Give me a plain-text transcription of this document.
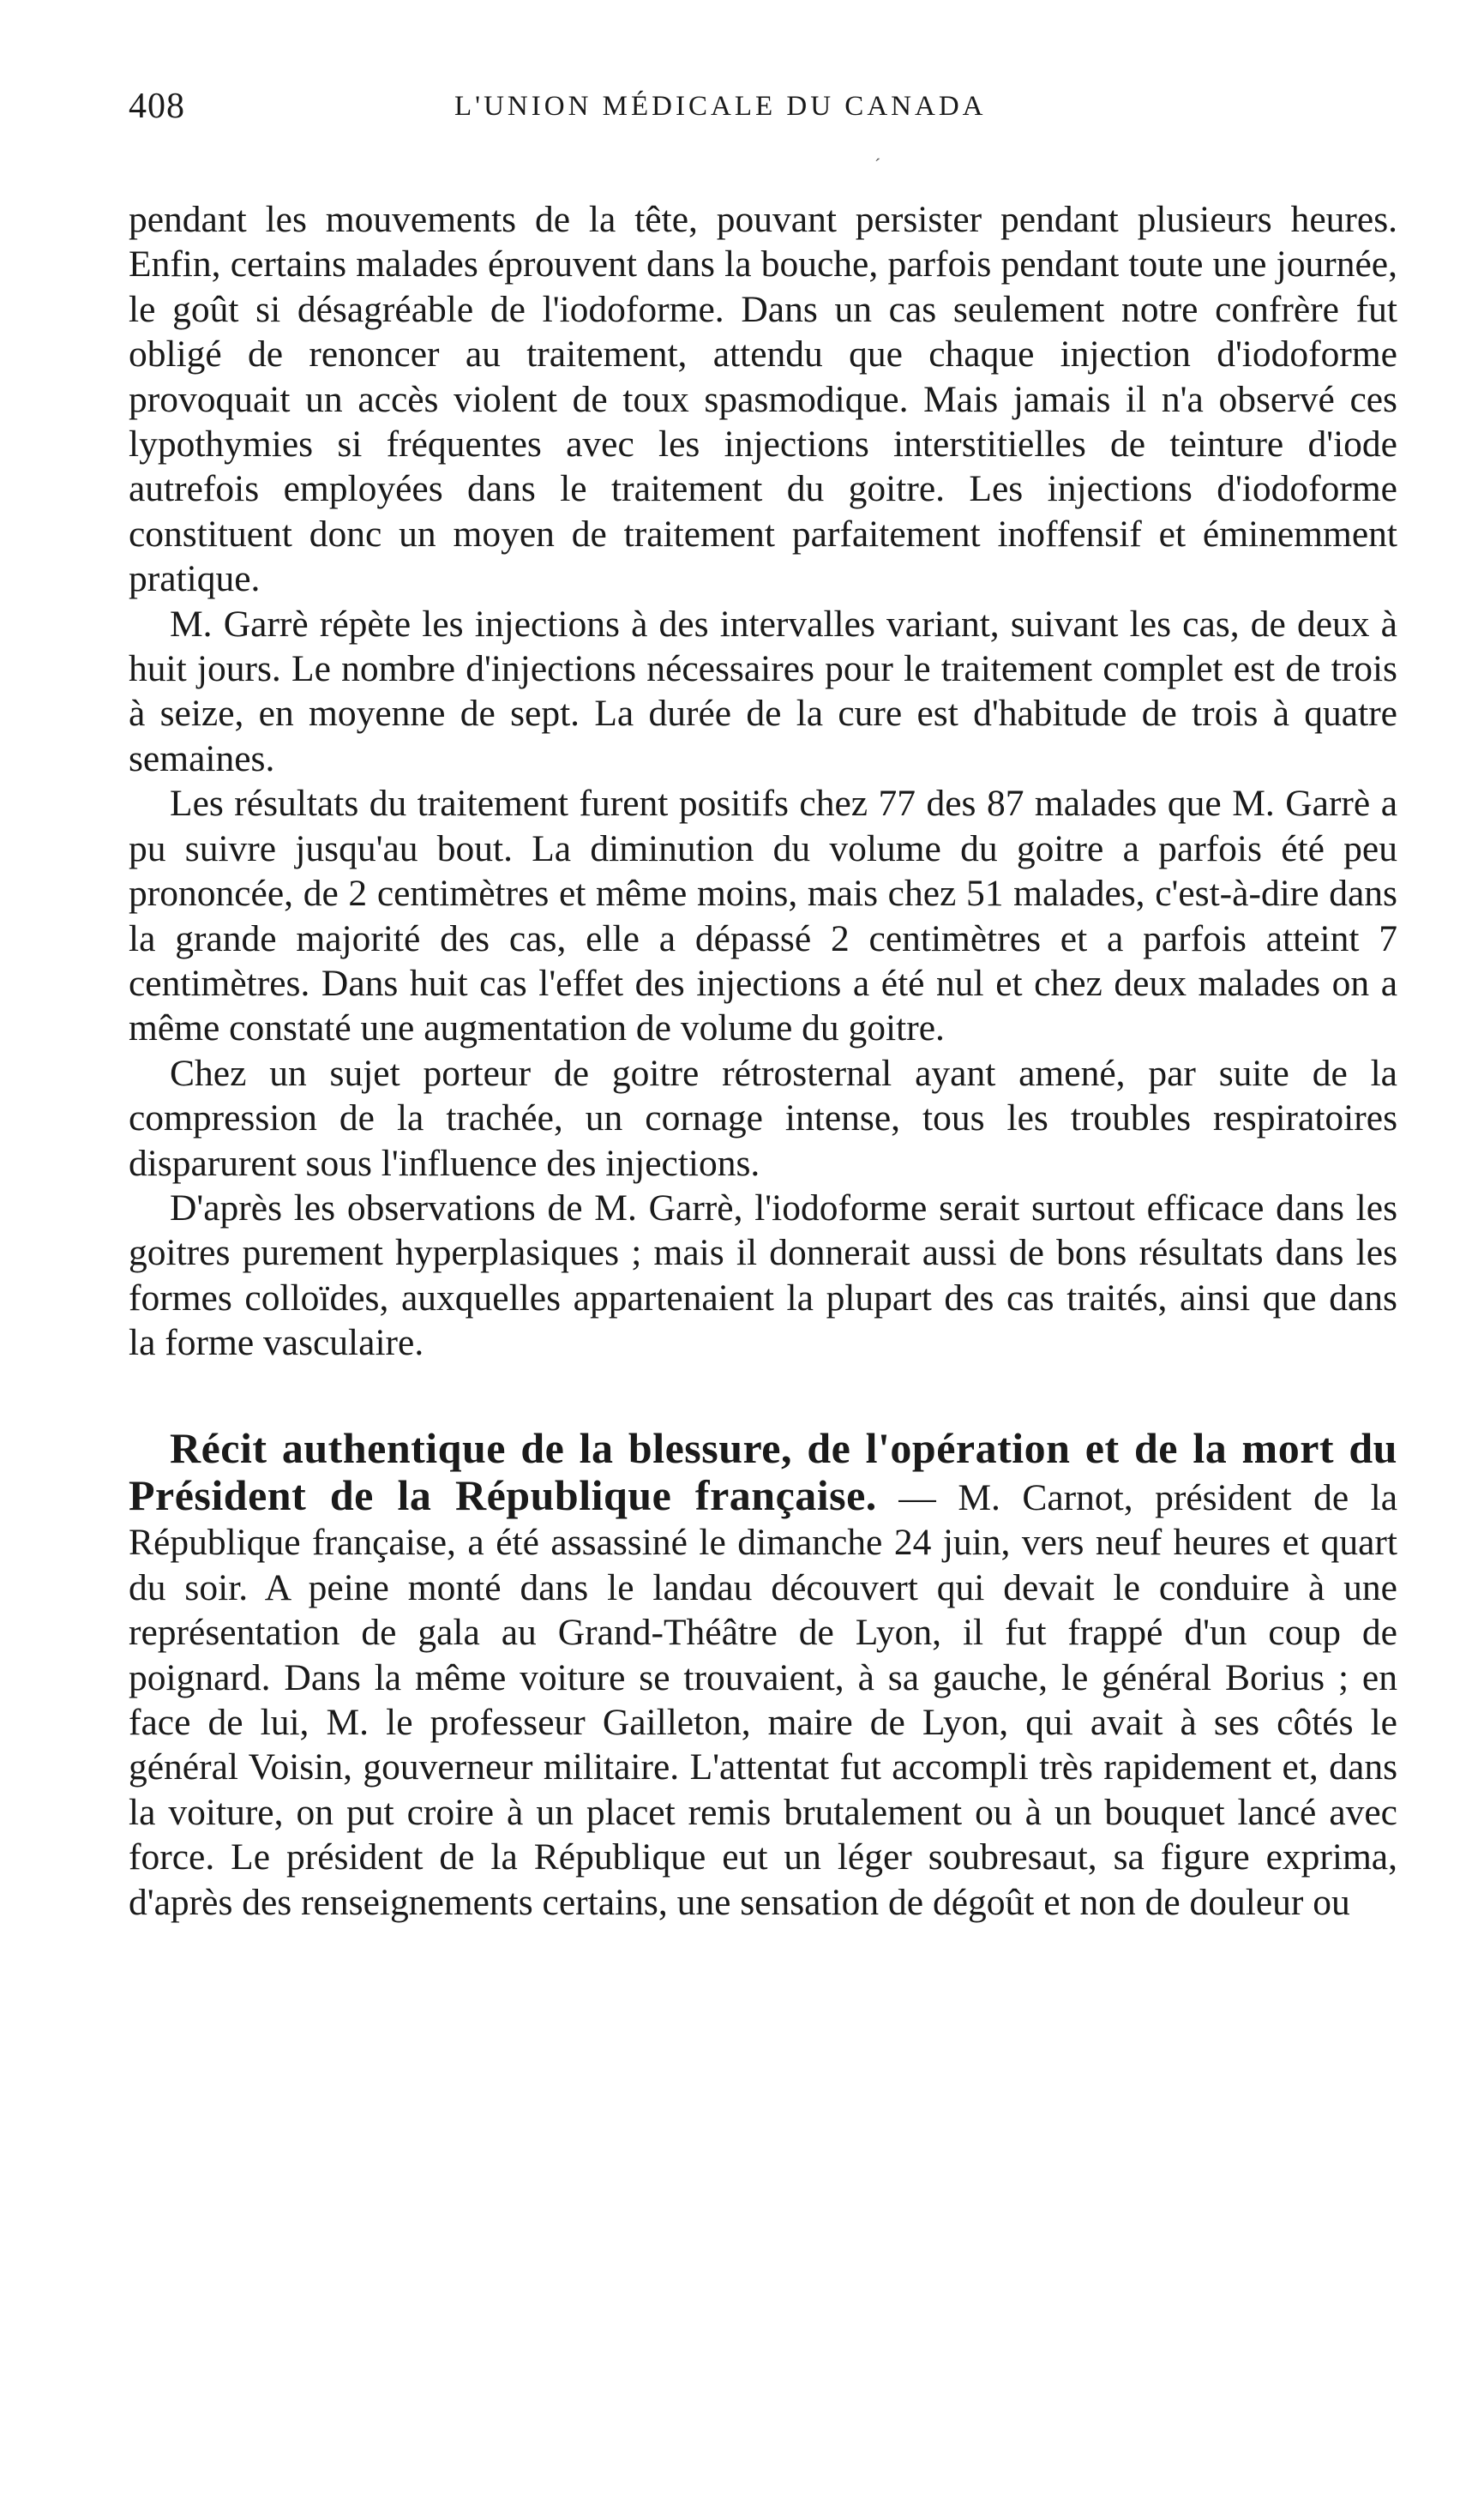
408	L'UNION MÉDICALE DU CANADA
´

pendant les mouvements de la tête, pouvant persister pendant plusieurs heures. Enfin, certains malades éprouvent dans la bouche, parfois pendant toute une journée, le goût si désagréable de l'iodoforme. Dans un cas seulement notre confrère fut obligé de renoncer au traitement, attendu que chaque injection d'iodoforme provoquait un accès violent de toux spasmodique. Mais jamais il n'a observé ces lypothymies si fréquentes avec les injections interstitielles de teinture d'iode autrefois employées dans le traitement du goitre. Les injections d'iodoforme constituent donc un moyen de traitement parfaitement inoffensif et éminemment pratique.

M. Garrè répète les injections à des intervalles variant, suivant les cas, de deux à huit jours. Le nombre d'injections nécessaires pour le traitement complet est de trois à seize, en moyenne de sept. La durée de la cure est d'habitude de trois à quatre semaines.

Les résultats du traitement furent positifs chez 77 des 87 malades que M. Garrè a pu suivre jusqu'au bout. La diminution du volume du goitre a parfois été peu prononcée, de 2 centimètres et même moins, mais chez 51 malades, c'est-à-dire dans la grande majorité des cas, elle a dépassé 2 centimètres et a parfois atteint 7 centimètres. Dans huit cas l'effet des injections a été nul et chez deux malades on a même constaté une augmentation de volume du goitre.

Chez un sujet porteur de goitre rétrosternal ayant amené, par suite de la compression de la trachée, un cornage intense, tous les troubles respiratoires disparurent sous l'influence des injections.

D'après les observations de M. Garrè, l'iodoforme serait surtout efficace dans les goitres purement hyperplasiques ; mais il donnerait aussi de bons résultats dans les formes colloïdes, auxquelles appartenaient la plupart des cas traités, ainsi que dans la forme vasculaire.

Récit authentique de la blessure, de l'opération et de la mort du Président de la République française. — M. Carnot, président de la République française, a été assassiné le dimanche 24 juin, vers neuf heures et quart du soir. A peine monté dans le landau découvert qui devait le conduire à une représentation de gala au Grand-Théâtre de Lyon, il fut frappé d'un coup de poignard. Dans la même voiture se trouvaient, à sa gauche, le général Borius ; en face de lui, M. le professeur Gailleton, maire de Lyon, qui avait à ses côtés le général Voisin, gouverneur militaire. L'attentat fut accompli très rapidement et, dans la voiture, on put croire à un placet remis brutalement ou à un bouquet lancé avec force. Le président de la République eut un léger soubresaut, sa figure exprima, d'après des renseignements certains, une sensation de dégoût et non de douleur ou
